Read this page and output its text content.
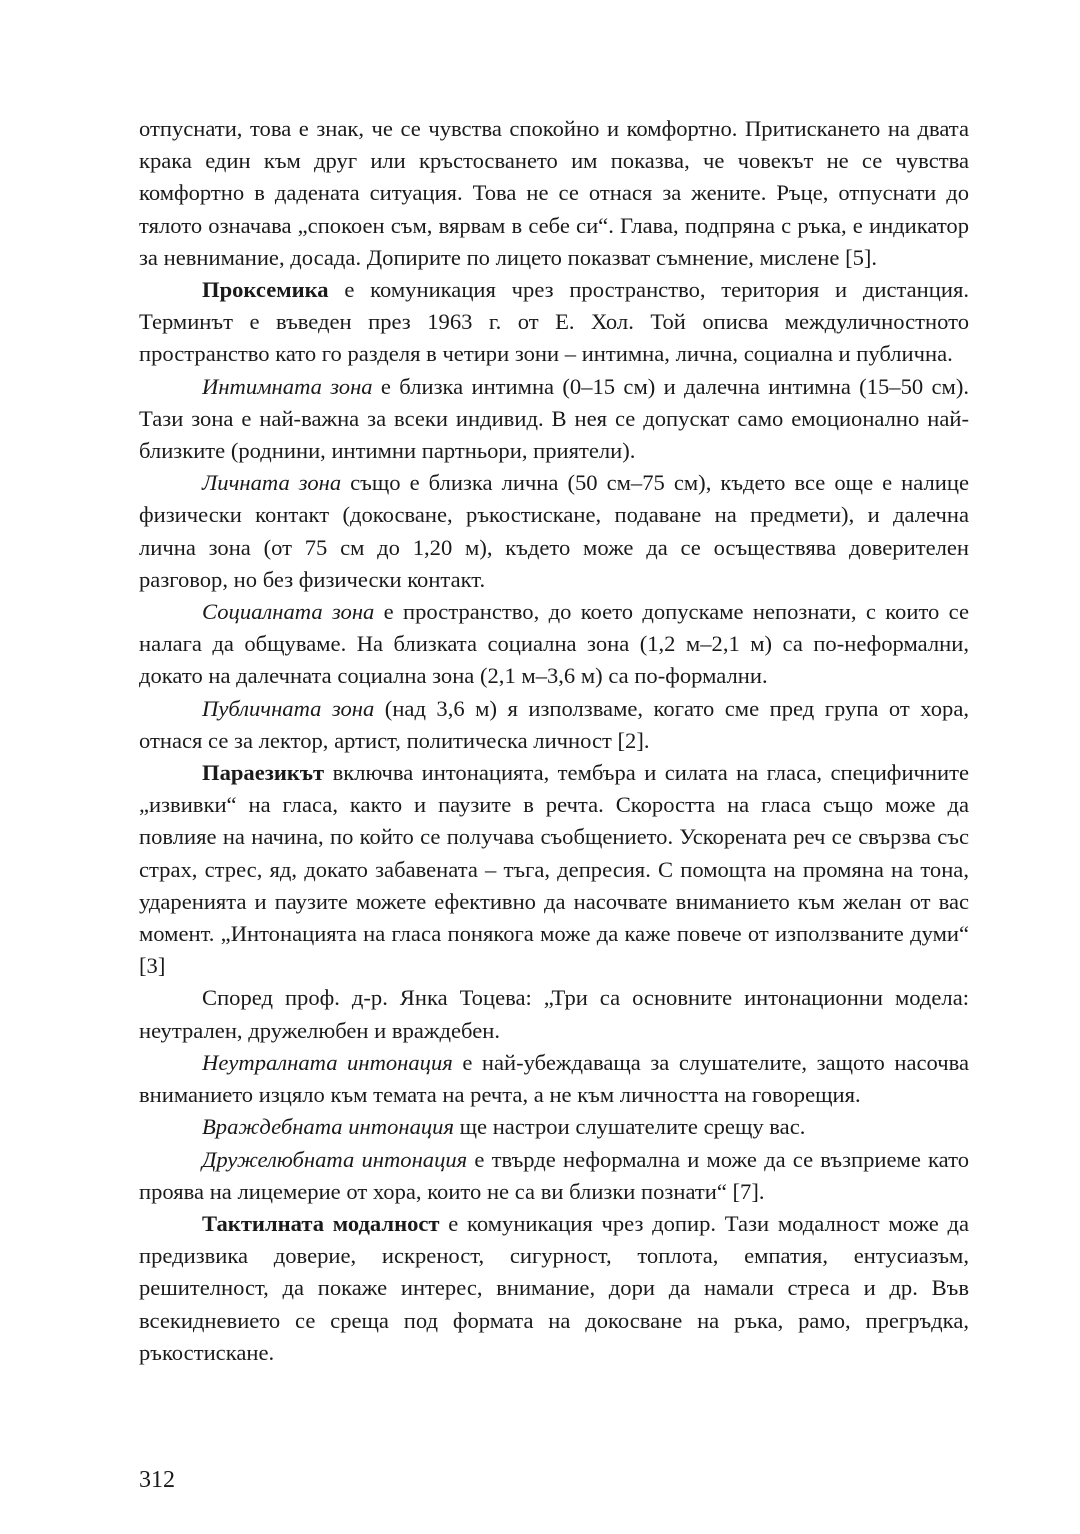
отпуснати, това е знак, че се чувства спокойно и комфортно. Притискането на двата крака един към друг или кръстосването им показва, че човекът не се чувства комфортно в дадената ситуация. Това не се отнася за жените. Ръце, отпуснати до тялото означава „спокоен съм, вярвам в себе си“. Глава, подпряна с ръка, е индикатор за невнимание, досада. Допирите по лицето показват съмнение, мислене [5].

Проксемика е комуникация чрез пространство, територия и дистанция. Терминът е въведен през 1963 г. от Е. Хол. Той описва междуличностното пространство като го разделя в четири зони – интимна, лична, социална и публична.

Интимната зона е близка интимна (0–15 см) и далечна интимна (15–50 см). Тази зона е най-важна за всеки индивид. В нея се допускат само емоционално най-близките (роднини, интимни партньори, приятели).

Личната зона също е близка лична (50 см–75 см), където все още е налице физически контакт (докосване, ръкостискане, подаване на предмети), и далечна лична зона (от 75 см до 1,20 м), където може да се осъществява доверителен разговор, но без физически контакт.

Социалната зона е пространство, до което допускаме непознати, с които се налага да общуваме. На близката социална зона (1,2 м–2,1 м) са по-неформални, докато на далечната социална зона (2,1 м–3,6 м) са по-формални.

Публичната зона (над 3,6 м) я използваме, когато сме пред група от хора, отнася се за лектор, артист, политическа личност [2].

Параезикът включва интонацията, тембъра и силата на гласа, специфичните „извивки“ на гласа, както и паузите в речта. Скоростта на гласа също може да повлияе на начина, по който се получава съобщението. Ускорената реч се свързва със страх, стрес, яд, докато забавената – тъга, депресия. С помощта на промяна на тона, ударенията и паузите можете ефективно да насочвате вниманието към желан от вас момент. „Интонацията на гласа понякога може да каже повече от използваните думи“ [3]

Според проф. д-р. Янка Тоцева: „Три са основните интонационни модела: неутрален, дружелюбен и враждебен.

Неутралната интонация е най-убеждаваща за слушателите, защото насочва вниманието изцяло към темата на речта, а не към личността на говорещия.

Враждебната интонация ще настрои слушателите срещу вас.

Дружелюбната интонация е твърде неформална и може да се възприеме като проява на лицемерие от хора, които не са ви близки познати“ [7].

Тактилната модалност е комуникация чрез допир. Тази модалност може да предизвика доверие, искреност, сигурност, топлота, емпатия, ентусиазъм, решителност, да покаже интерес, внимание, дори да намали стреса и др. Във всекидневието се среща под формата на докосване на ръка, рамо, прегръдка, ръкостискане.

312
